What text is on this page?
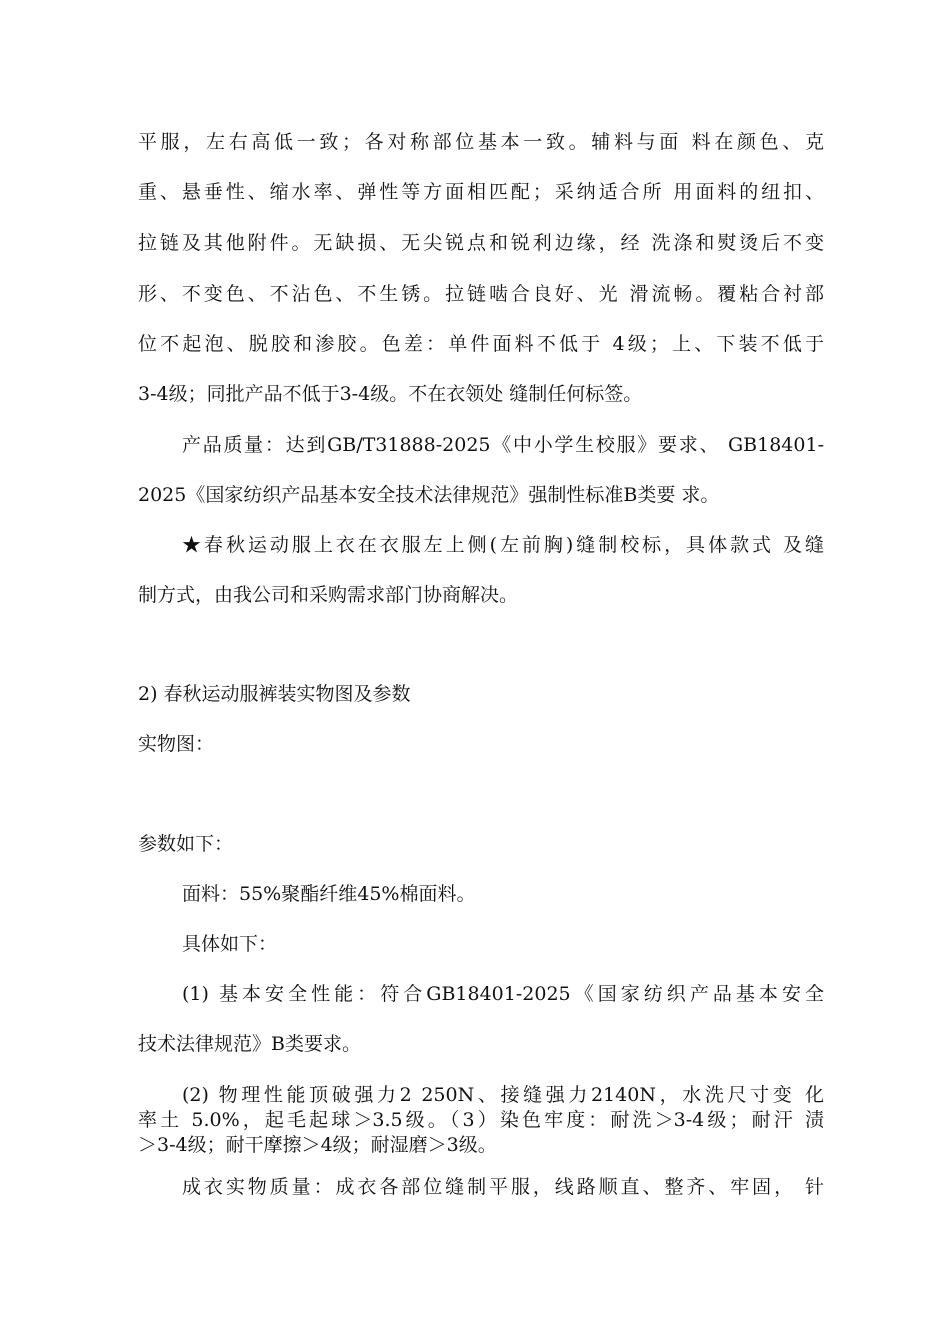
平服，左右高低一致；各对称部位基本一致。辅料与面 料在颜色、克
重、悬垂性、缩水率、弹性等方面相匹配；采纳适合所 用面料的纽扣、
拉链及其他附件。无缺损、无尖锐点和锐利边缘，经 洗涤和熨烫后不变
形、不变色、不沾色、不生锈。拉链啮合良好、光 滑流畅。覆粘合衬部
位不起泡、脱胶和渗胶。色差：单件面料不低于 4级；上、下装不低于
3-4级；同批产品不低于3-4级。不在衣领处 缝制任何标签。
产品质量：达到GB/T31888-2025《中小学生校服》要求、 GB18401-
2025《国家纺织产品基本安全技术法律规范》强制性标准B类要 求。
★春秋运动服上衣在衣服左上侧(左前胸)缝制校标，具体款式 及缝
制方式，由我公司和采购需求部门协商解决。
2) 春秋运动服裤装实物图及参数
实物图：
参数如下：
面料：55%聚酯纤维45%棉面料。
具体如下：
(1) 基本安全性能：符合GB18401-2025《国家纺织产品基本安全
技术法律规范》B类要求。
(2) 物理性能顶破强力2 250N、接缝强力2140N，水洗尺寸变 化
率土 5.0%，起毛起球＞3.5级。（3）染色牢度：耐洗＞3-4级；耐汗 渍
＞3-4级；耐干摩擦＞4级；耐湿磨＞3级。
成衣实物质量：成衣各部位缝制平服，线路顺直、整齐、牢固， 针
